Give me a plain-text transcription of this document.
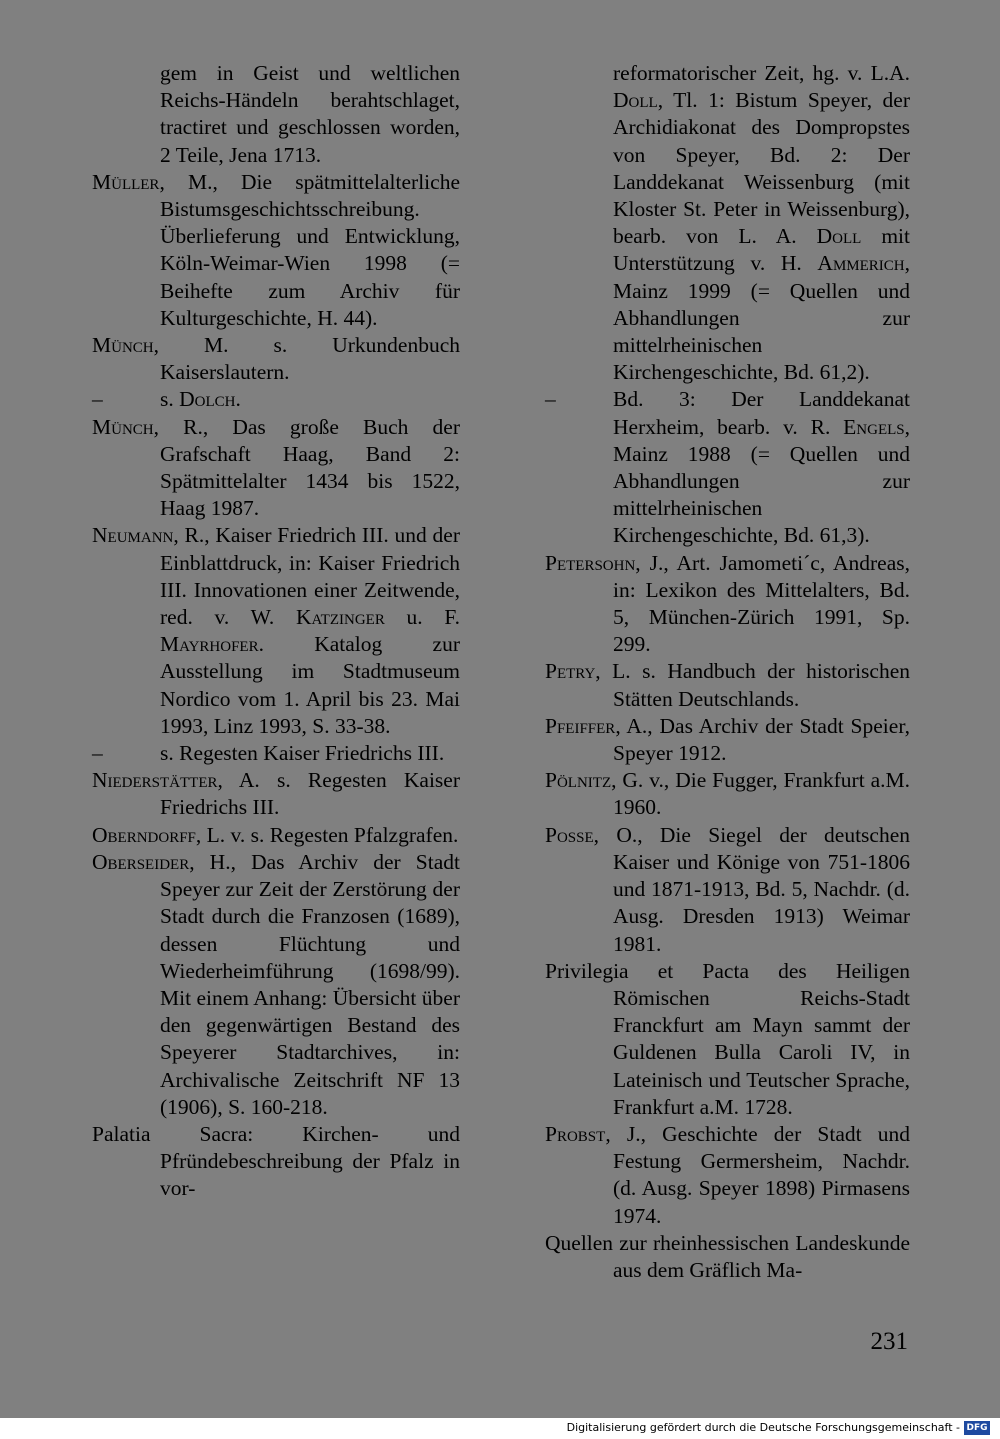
gem in Geist und weltlichen Reichs-Händeln berahtschlaget, tractiret und geschlossen worden, 2 Teile, Jena 1713.

Müller, M., Die spätmittelalterliche Bistumsgeschichtsschreibung. Überlieferung und Entwicklung, Köln-Weimar-Wien 1998 (= Beihefte zum Archiv für Kulturgeschichte, H. 44).

Münch, M. s. Urkundenbuch Kaiserslautern.

–	s. Dolch.

Münch, R., Das große Buch der Grafschaft Haag, Band 2: Spätmittelalter 1434 bis 1522, Haag 1987.

Neumann, R., Kaiser Friedrich III. und der Einblattdruck, in: Kaiser Friedrich III. Innovationen einer Zeitwende, red. v. W. Katzinger u. F. Mayrhofer. Katalog zur Ausstellung im Stadtmuseum Nordico vom 1. April bis 23. Mai 1993, Linz 1993, S. 33-38.

–	s. Regesten Kaiser Friedrichs III.

Niederstätter, A. s. Regesten Kaiser Friedrichs III.

Oberndorff, L. v. s. Regesten Pfalzgrafen.

Oberseider, H., Das Archiv der Stadt Speyer zur Zeit der Zerstörung der Stadt durch die Franzosen (1689), dessen Flüchtung und Wiederheimführung (1698/99). Mit einem Anhang: Übersicht über den gegenwärtigen Bestand des Speyerer Stadtarchives, in: Archivalische Zeitschrift NF 13 (1906), S. 160-218.

Palatia Sacra: Kirchen- und Pfründebeschreibung der Pfalz in vor-

reformatorischer Zeit, hg. v. L.A. Doll, Tl. 1: Bistum Speyer, der Archidiakonat des Dompropstes von Speyer, Bd. 2: Der Landdekanat Weissenburg (mit Kloster St. Peter in Weissenburg), bearb. von L. A. Doll mit Unterstützung v. H. Ammerich, Mainz 1999 (= Quellen und Abhandlungen zur mittelrheinischen Kirchengeschichte, Bd. 61,2).

–	Bd. 3: Der Landdekanat Herxheim, bearb. v. R. Engels, Mainz 1988 (= Quellen und Abhandlungen zur mittelrheinischen Kirchengeschichte, Bd. 61,3).

Petersohn, J., Art. Jamometi´c, Andreas, in: Lexikon des Mittelalters, Bd. 5, München-Zürich 1991, Sp. 299.

Petry, L. s. Handbuch der historischen Stätten Deutschlands.

Pfeiffer, A., Das Archiv der Stadt Speier, Speyer 1912.

Pölnitz, G. v., Die Fugger, Frankfurt a.M. 1960.

Posse, O., Die Siegel der deutschen Kaiser und Könige von 751-1806 und 1871-1913, Bd. 5, Nachdr. (d. Ausg. Dresden 1913) Weimar 1981.

Privilegia et Pacta des Heiligen Römischen Reichs-Stadt Franckfurt am Mayn sammt der Guldenen Bulla Caroli IV, in Lateinisch und Teutscher Sprache, Frankfurt a.M. 1728.

Probst, J., Geschichte der Stadt und Festung Germersheim, Nachdr. (d. Ausg. Speyer 1898) Pirmasens 1974.

Quellen zur rheinhessischen Landeskunde aus dem Gräflich Ma-

231
Digitalisierung gefördert durch die Deutsche Forschungsgemeinschaft - DFG
